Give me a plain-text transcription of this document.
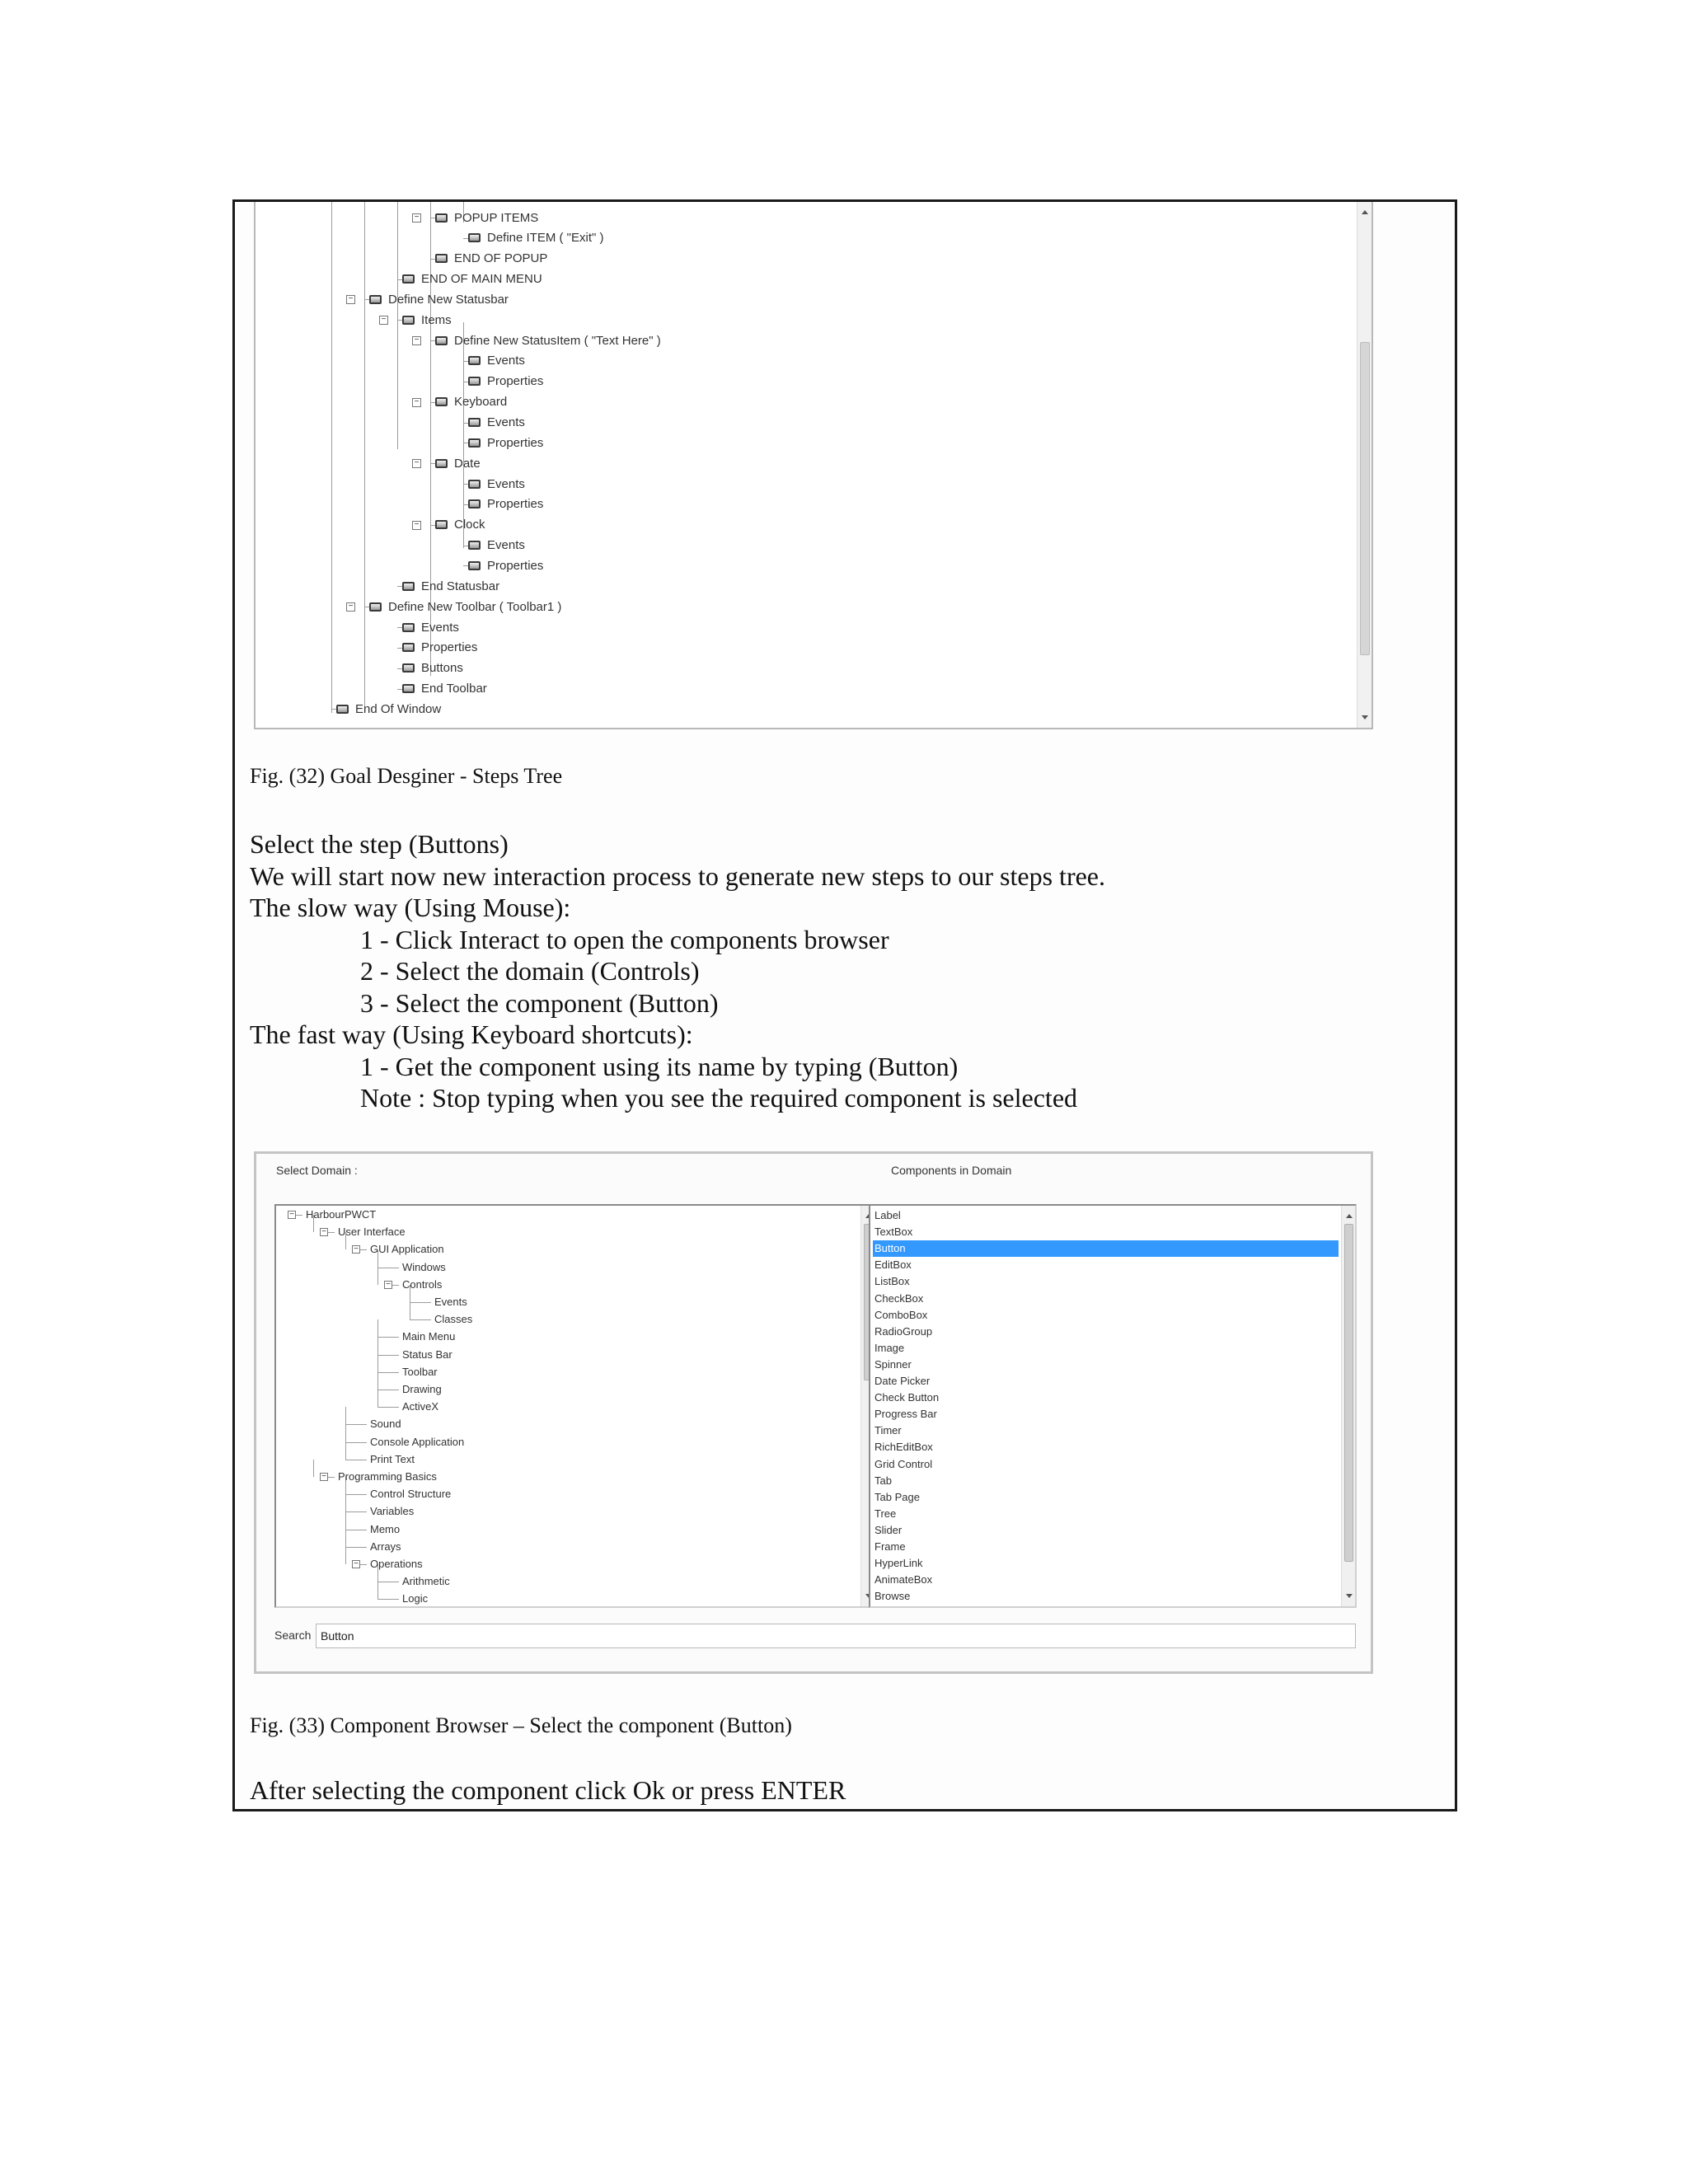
−	POPUP ITEMS
Define ITEM ( "Exit" )
END OF POPUP
END OF MAIN MENU
−	Define New Statusbar
−	Items
−	Define New StatusItem ( "Text Here" )
Events
Properties
−	Keyboard
Events
Properties
−	Date
Events
Properties
−	Clock
Events
Properties
End Statusbar
−	Define New Toolbar ( Toolbar1 )
Events
Properties
Buttons
End Toolbar
End Of Window
Fig. (32) Goal Desginer - Steps Tree
Select the step (Buttons)
We will start now new interaction process to generate new steps to our steps tree.
The slow way (Using Mouse):
1 - Click Interact to open the components browser
2 - Select the domain (Controls)
3 - Select the component (Button)
The fast way (Using Keyboard shortcuts):
1 - Get the component using its name by typing (Button)
Note : Stop typing when you see the required component is selected
Select Domain :	Components in Domain
− HarbourPWCT
− User Interface
− GUI Application
Windows
− Controls
Events
Classes
Main Menu
Status Bar
Toolbar
Drawing
ActiveX
Sound
Console Application
Print Text
− Programming Basics
Control Structure
Variables
Memo
Arrays
− Operations
Arithmetic
Logic
Label
TextBox
Button
EditBox
ListBox
CheckBox
ComboBox
RadioGroup
Image
Spinner
Date Picker
Check Button
Progress Bar
Timer
RichEditBox
Grid Control
Tab
Tab Page
Tree
Slider
Frame
HyperLink
AnimateBox
Browse
Search Button
Fig. (33) Component Browser – Select the component (Button)
After selecting the component click Ok or press ENTER
